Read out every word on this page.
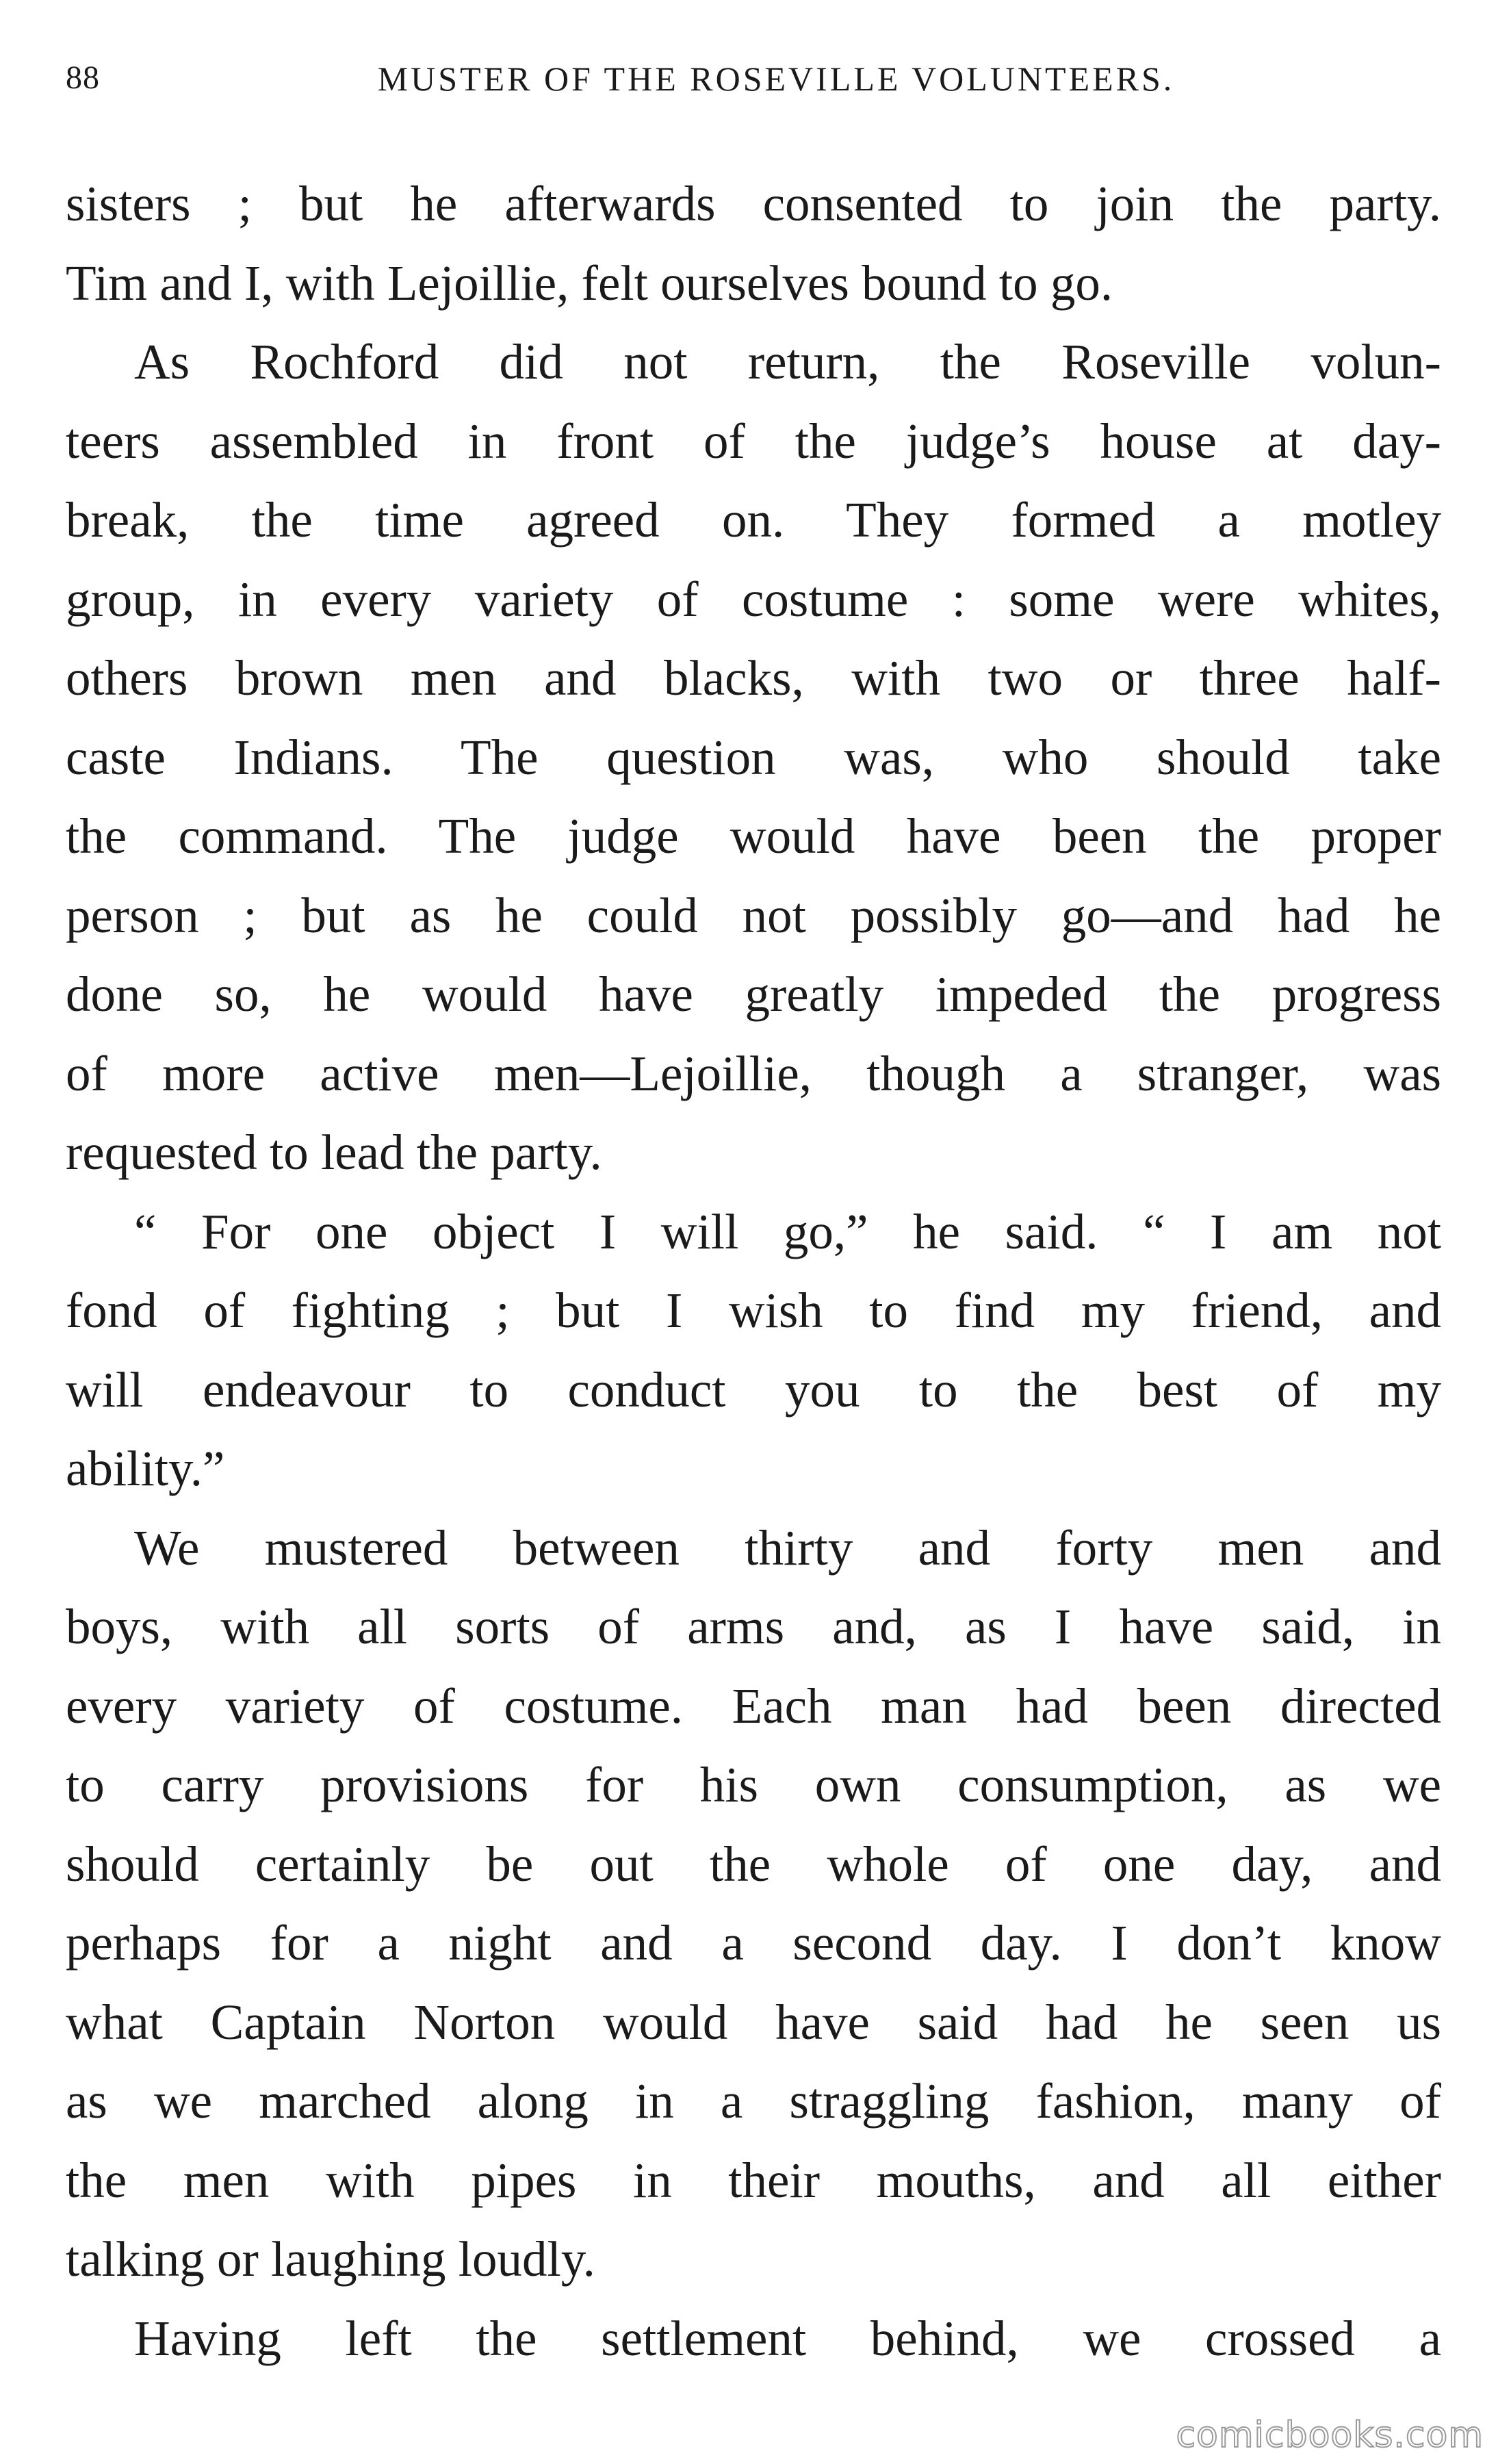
88	MUSTER OF THE ROSEVILLE VOLUNTEERS.
sisters ; but he afterwards consented to join the party.
Tim and I, with Lejoillie, felt ourselves bound to go.
As Rochford did not return, the Roseville volun-
teers assembled in front of the judge’s house at day-
break, the time agreed on. They formed a motley
group, in every variety of costume : some were whites,
others brown men and blacks, with two or three half-
caste Indians. The question was, who should take
the command. The judge would have been the proper
person ; but as he could not possibly go—and had he
done so, he would have greatly impeded the progress
of more active men—Lejoillie, though a stranger, was
requested to lead the party.
“ For one object I will go,” he said. “ I am not
fond of fighting ; but I wish to find my friend, and
will endeavour to conduct you to the best of my
ability.”
We mustered between thirty and forty men and
boys, with all sorts of arms and, as I have said, in
every variety of costume. Each man had been directed
to carry provisions for his own consumption, as we
should certainly be out the whole of one day, and
perhaps for a night and a second day. I don’t know
what Captain Norton would have said had he seen us
as we marched along in a straggling fashion, many of
the men with pipes in their mouths, and all either
talking or laughing loudly.
Having left the settlement behind, we crossed a
comicbooks.com
